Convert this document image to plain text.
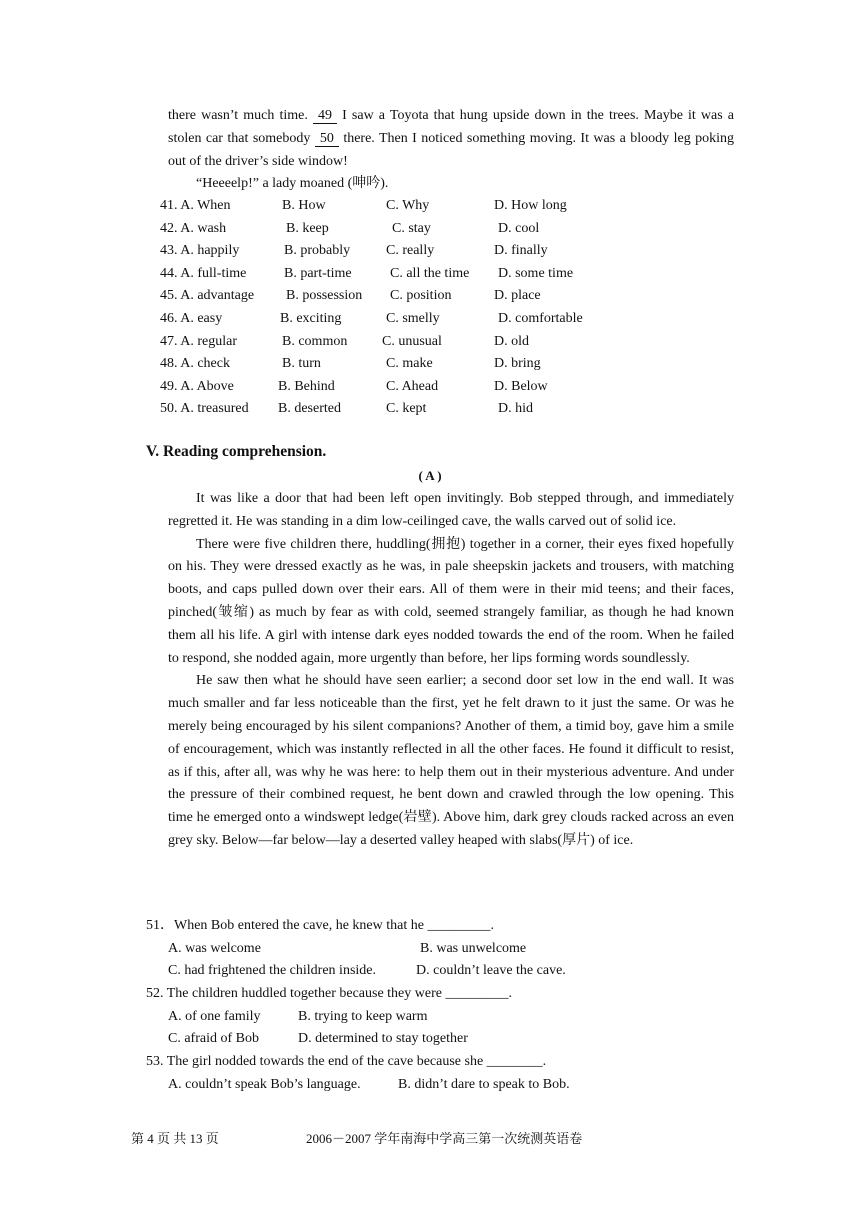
there wasn’t much time. 49 I saw a Toyota that hung upside down in the trees. Maybe it was a stolen car that somebody 50 there. Then I noticed something moving. It was a bloody leg poking out of the driver’s side window!

“Heeeelp!” a lady moaned (呻吟).

41. A. When	B. How	C. Why	D. How long
42. A. wash	B. keep	C. stay	D. cool
43. A. happily	B. probably	C. really	D. finally
44. A. full-time	B. part-time	C. all the time D. some time
45. A. advantage B. possession C. position	D. place
46. A. easy	B. exciting	C. smelly	D. comfortable
47. A. regular	B. common C. unusual	D. old
48. A. check	B. turn	C. make	D. bring
49. A. Above	B. Behind	C. Ahead	D. Below
50. A. treasured B. deserted	C. kept	D. hid
V. Reading comprehension.
( A )

It was like a door that had been left open invitingly. Bob stepped through, and immediately regretted it. He was standing in a dim low-ceilinged cave, the walls carved out of solid ice.

There were five children there, huddling(拥抱) together in a corner, their eyes fixed hopefully on his. They were dressed exactly as he was, in pale sheepskin jackets and trousers, with matching boots, and caps pulled down over their ears. All of them were in their mid teens; and their faces, pinched(皱缩) as much by fear as with cold, seemed strangely familiar, as though he had known them all his life. A girl with intense dark eyes nodded towards the end of the room. When he failed to respond, she nodded again, more urgently than before, her lips forming words soundlessly.

He saw then what he should have seen earlier; a second door set low in the end wall. It was much smaller and far less noticeable than the first, yet he felt drawn to it just the same. Or was he merely being encouraged by his silent companions? Another of them, a timid boy, gave him a smile of encouragement, which was instantly reflected in all the other faces. He found it difficult to resist, as if this, after all, was why he was here: to help them out in their mysterious adventure. And under the pressure of their combined request, he bent down and crawled through the low opening. This time he emerged onto a windswept ledge(岩壁). Above him, dark grey clouds racked across an even grey sky. Below—far below—lay a deserted valley heaped with slabs(厚片) of ice.

51．When Bob entered the cave, he knew that he _________.
A. was welcome	B. was unwelcome
C. had frightened the children inside.	D. couldn’t leave the cave.
52. The children huddled together because they were _________.
A. of one family	B. trying to keep warm
C. afraid of Bob	D. determined to stay together
53. The girl nodded towards the end of the cave because she ________.
A. couldn’t speak Bob’s language.	B. didn’t dare to speak to Bob.
第 4 页 共 13 页	2006－2007 学年南海中学高三第一次统测英语卷
